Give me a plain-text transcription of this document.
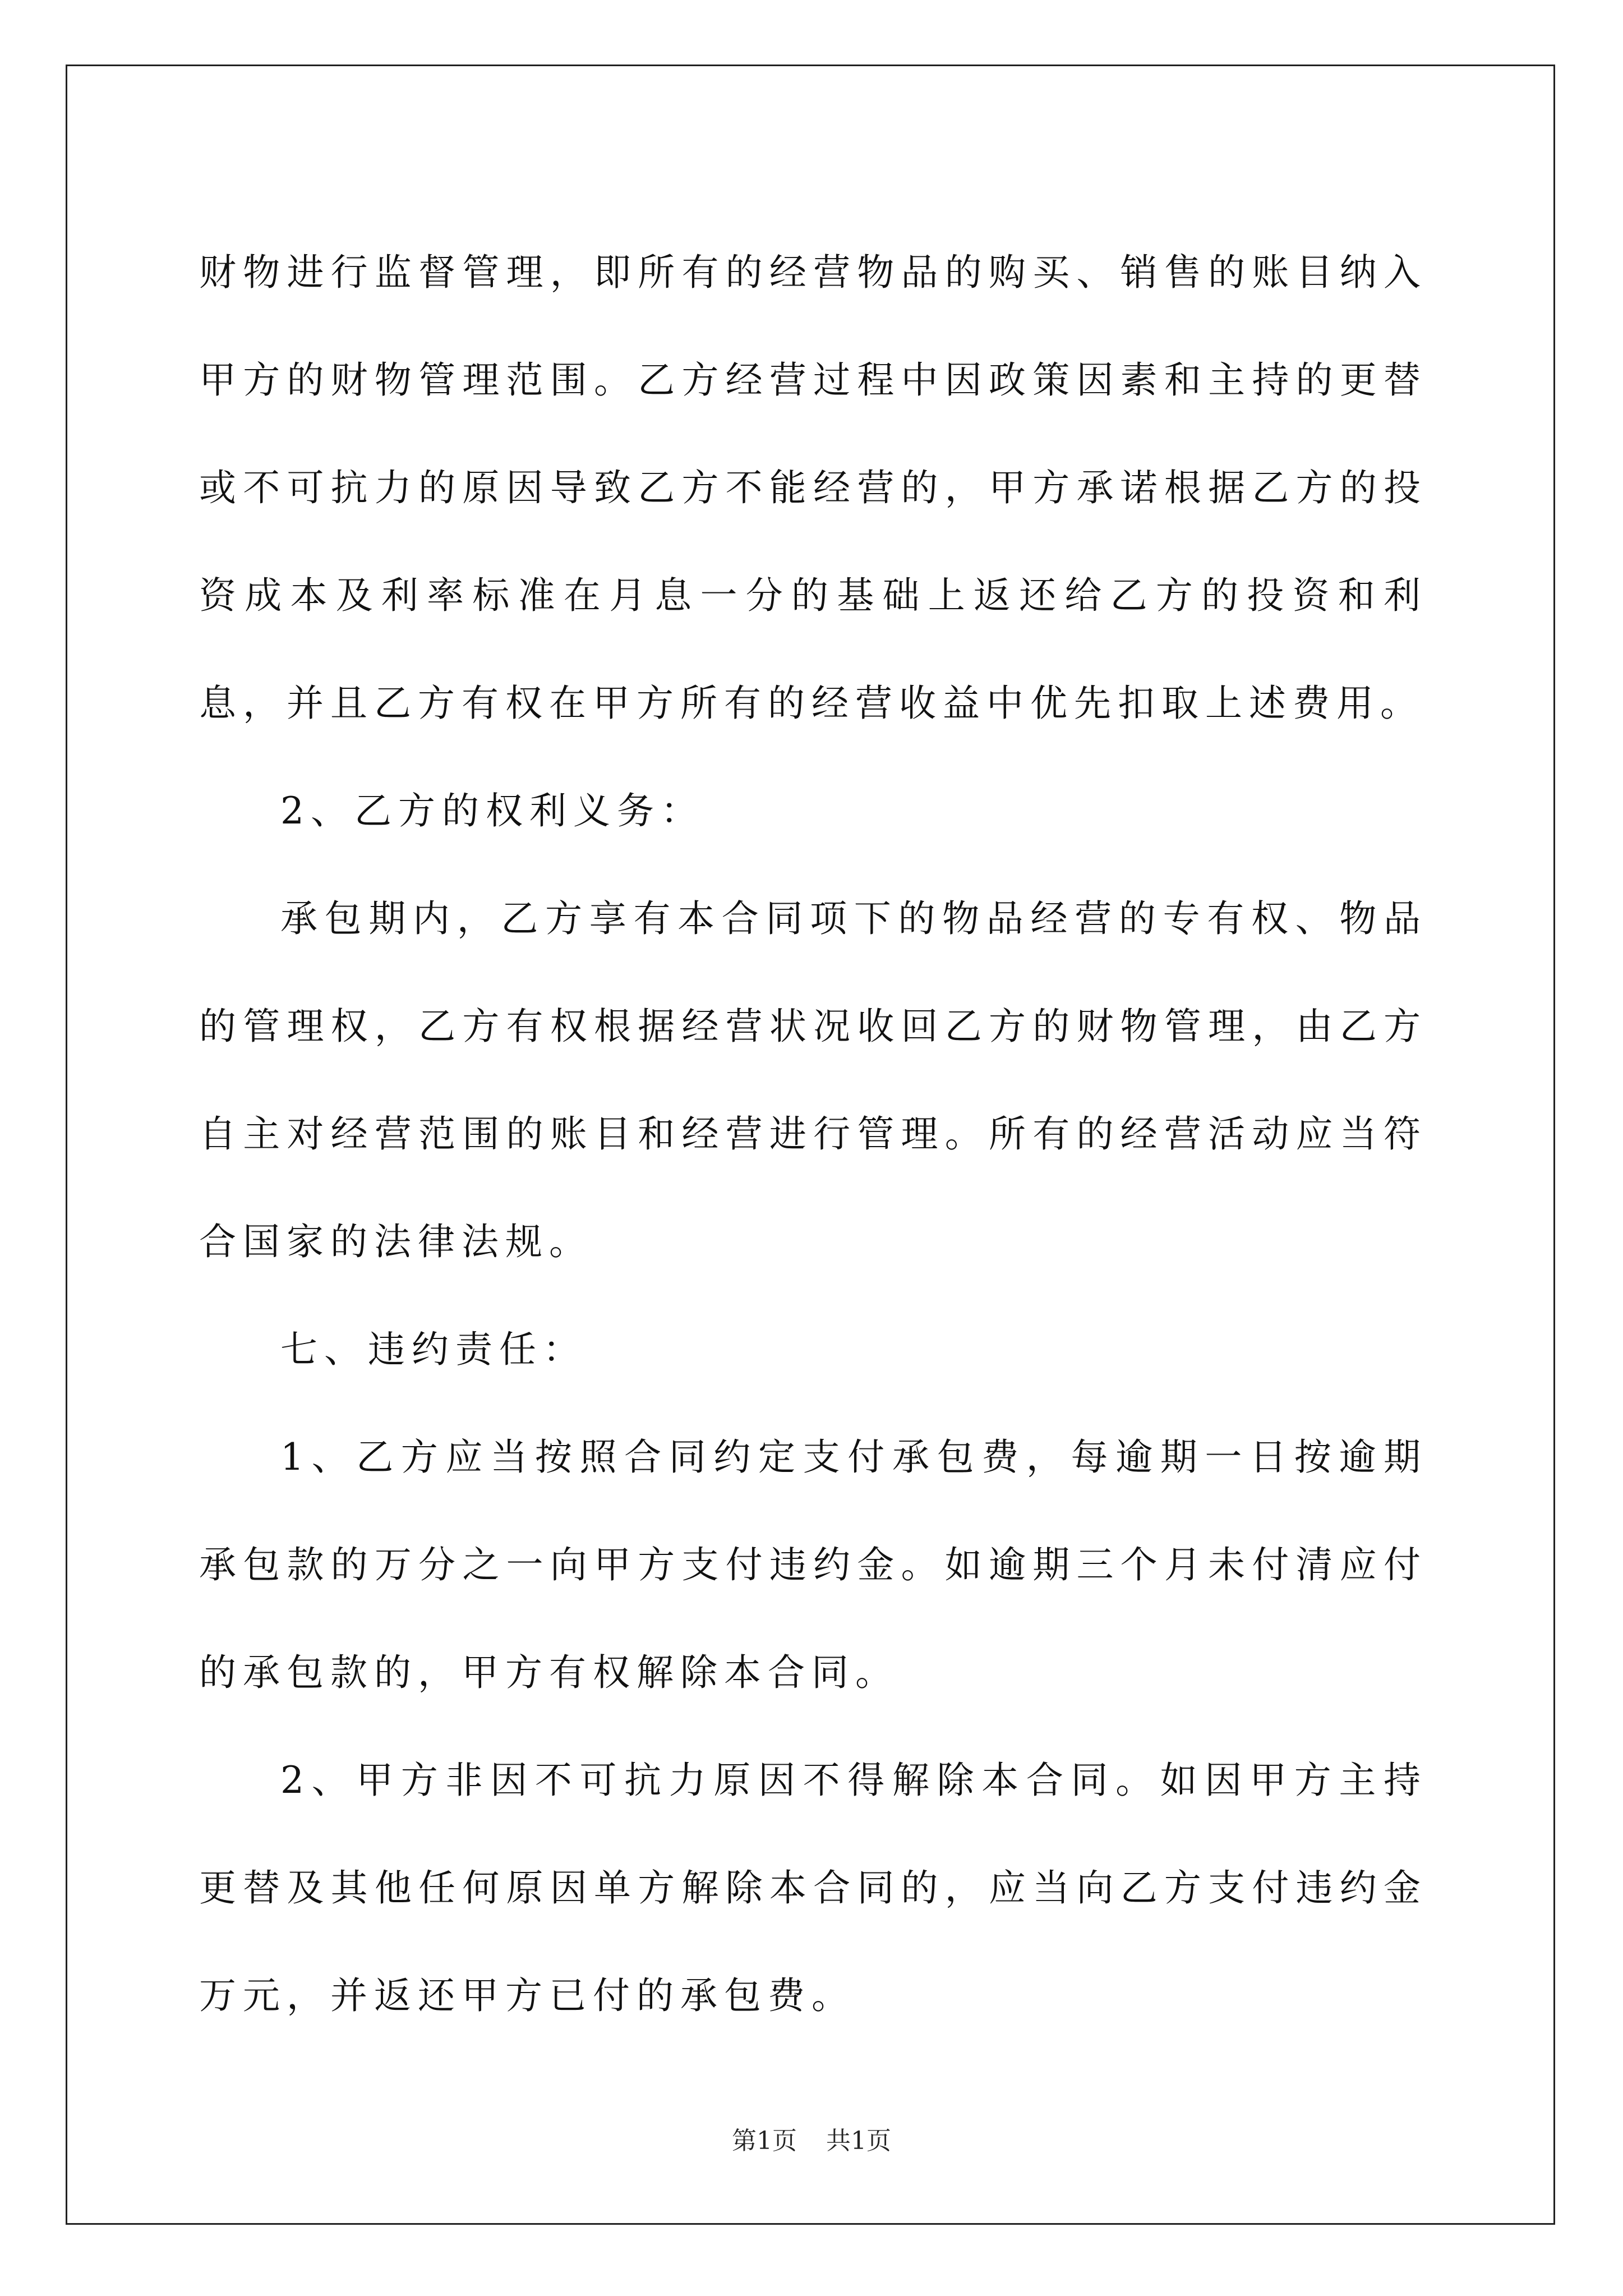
财物进行监督管理，即所有的经营物品的购买、销售的账目纳入甲方的财物管理范围。乙方经营过程中因政策因素和主持的更替或不可抗力的原因导致乙方不能经营的，甲方承诺根据乙方的投资成本及利率标准在月息一分的基础上返还给乙方的投资和利息，并且乙方有权在甲方所有的经营收益中优先扣取上述费用。

2、乙方的权利义务：

承包期内，乙方享有本合同项下的物品经营的专有权、物品的管理权，乙方有权根据经营状况收回乙方的财物管理，由乙方自主对经营范围的账目和经营进行管理。所有的经营活动应当符合国家的法律法规。

七、违约责任：

1、乙方应当按照合同约定支付承包费，每逾期一日按逾期承包款的万分之一向甲方支付违约金。如逾期三个月未付清应付的承包款的，甲方有权解除本合同。

2、甲方非因不可抗力原因不得解除本合同。如因甲方主持更替及其他任何原因单方解除本合同的，应当向乙方支付违约金万元，并返还甲方已付的承包费。

第1页 共1页
